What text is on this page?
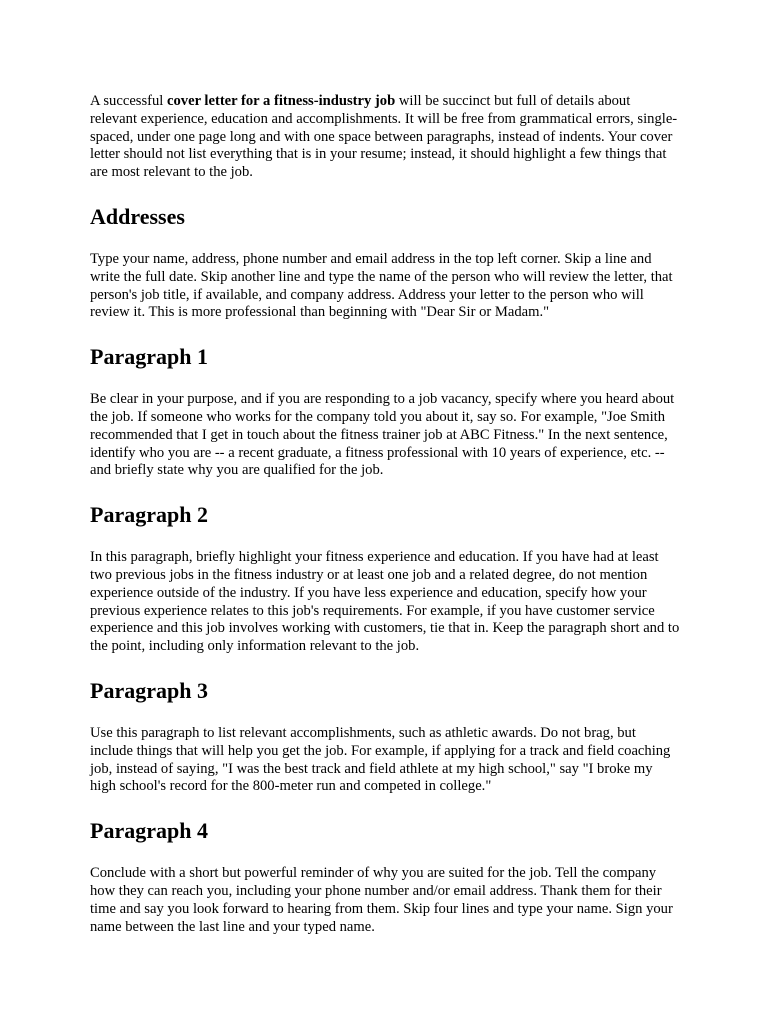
A successful cover letter for a fitness-industry job will be succinct but full of details about relevant experience, education and accomplishments. It will be free from grammatical errors, single-spaced, under one page long and with one space between paragraphs, instead of indents. Your cover letter should not list everything that is in your resume; instead, it should highlight a few things that are most relevant to the job.

Addresses

Type your name, address, phone number and email address in the top left corner. Skip a line and write the full date. Skip another line and type the name of the person who will review the letter, that person's job title, if available, and company address. Address your letter to the person who will review it. This is more professional than beginning with "Dear Sir or Madam."

Paragraph 1

Be clear in your purpose, and if you are responding to a job vacancy, specify where you heard about the job. If someone who works for the company told you about it, say so. For example, "Joe Smith recommended that I get in touch about the fitness trainer job at ABC Fitness." In the next sentence, identify who you are -- a recent graduate, a fitness professional with 10 years of experience, etc. -- and briefly state why you are qualified for the job.

Paragraph 2

In this paragraph, briefly highlight your fitness experience and education. If you have had at least two previous jobs in the fitness industry or at least one job and a related degree, do not mention experience outside of the industry. If you have less experience and education, specify how your previous experience relates to this job's requirements. For example, if you have customer service experience and this job involves working with customers, tie that in. Keep the paragraph short and to the point, including only information relevant to the job.

Paragraph 3

Use this paragraph to list relevant accomplishments, such as athletic awards. Do not brag, but include things that will help you get the job. For example, if applying for a track and field coaching job, instead of saying, "I was the best track and field athlete at my high school," say "I broke my high school's record for the 800-meter run and competed in college."

Paragraph 4

Conclude with a short but powerful reminder of why you are suited for the job. Tell the company how they can reach you, including your phone number and/or email address. Thank them for their time and say you look forward to hearing from them. Skip four lines and type your name. Sign your name between the last line and your typed name.
